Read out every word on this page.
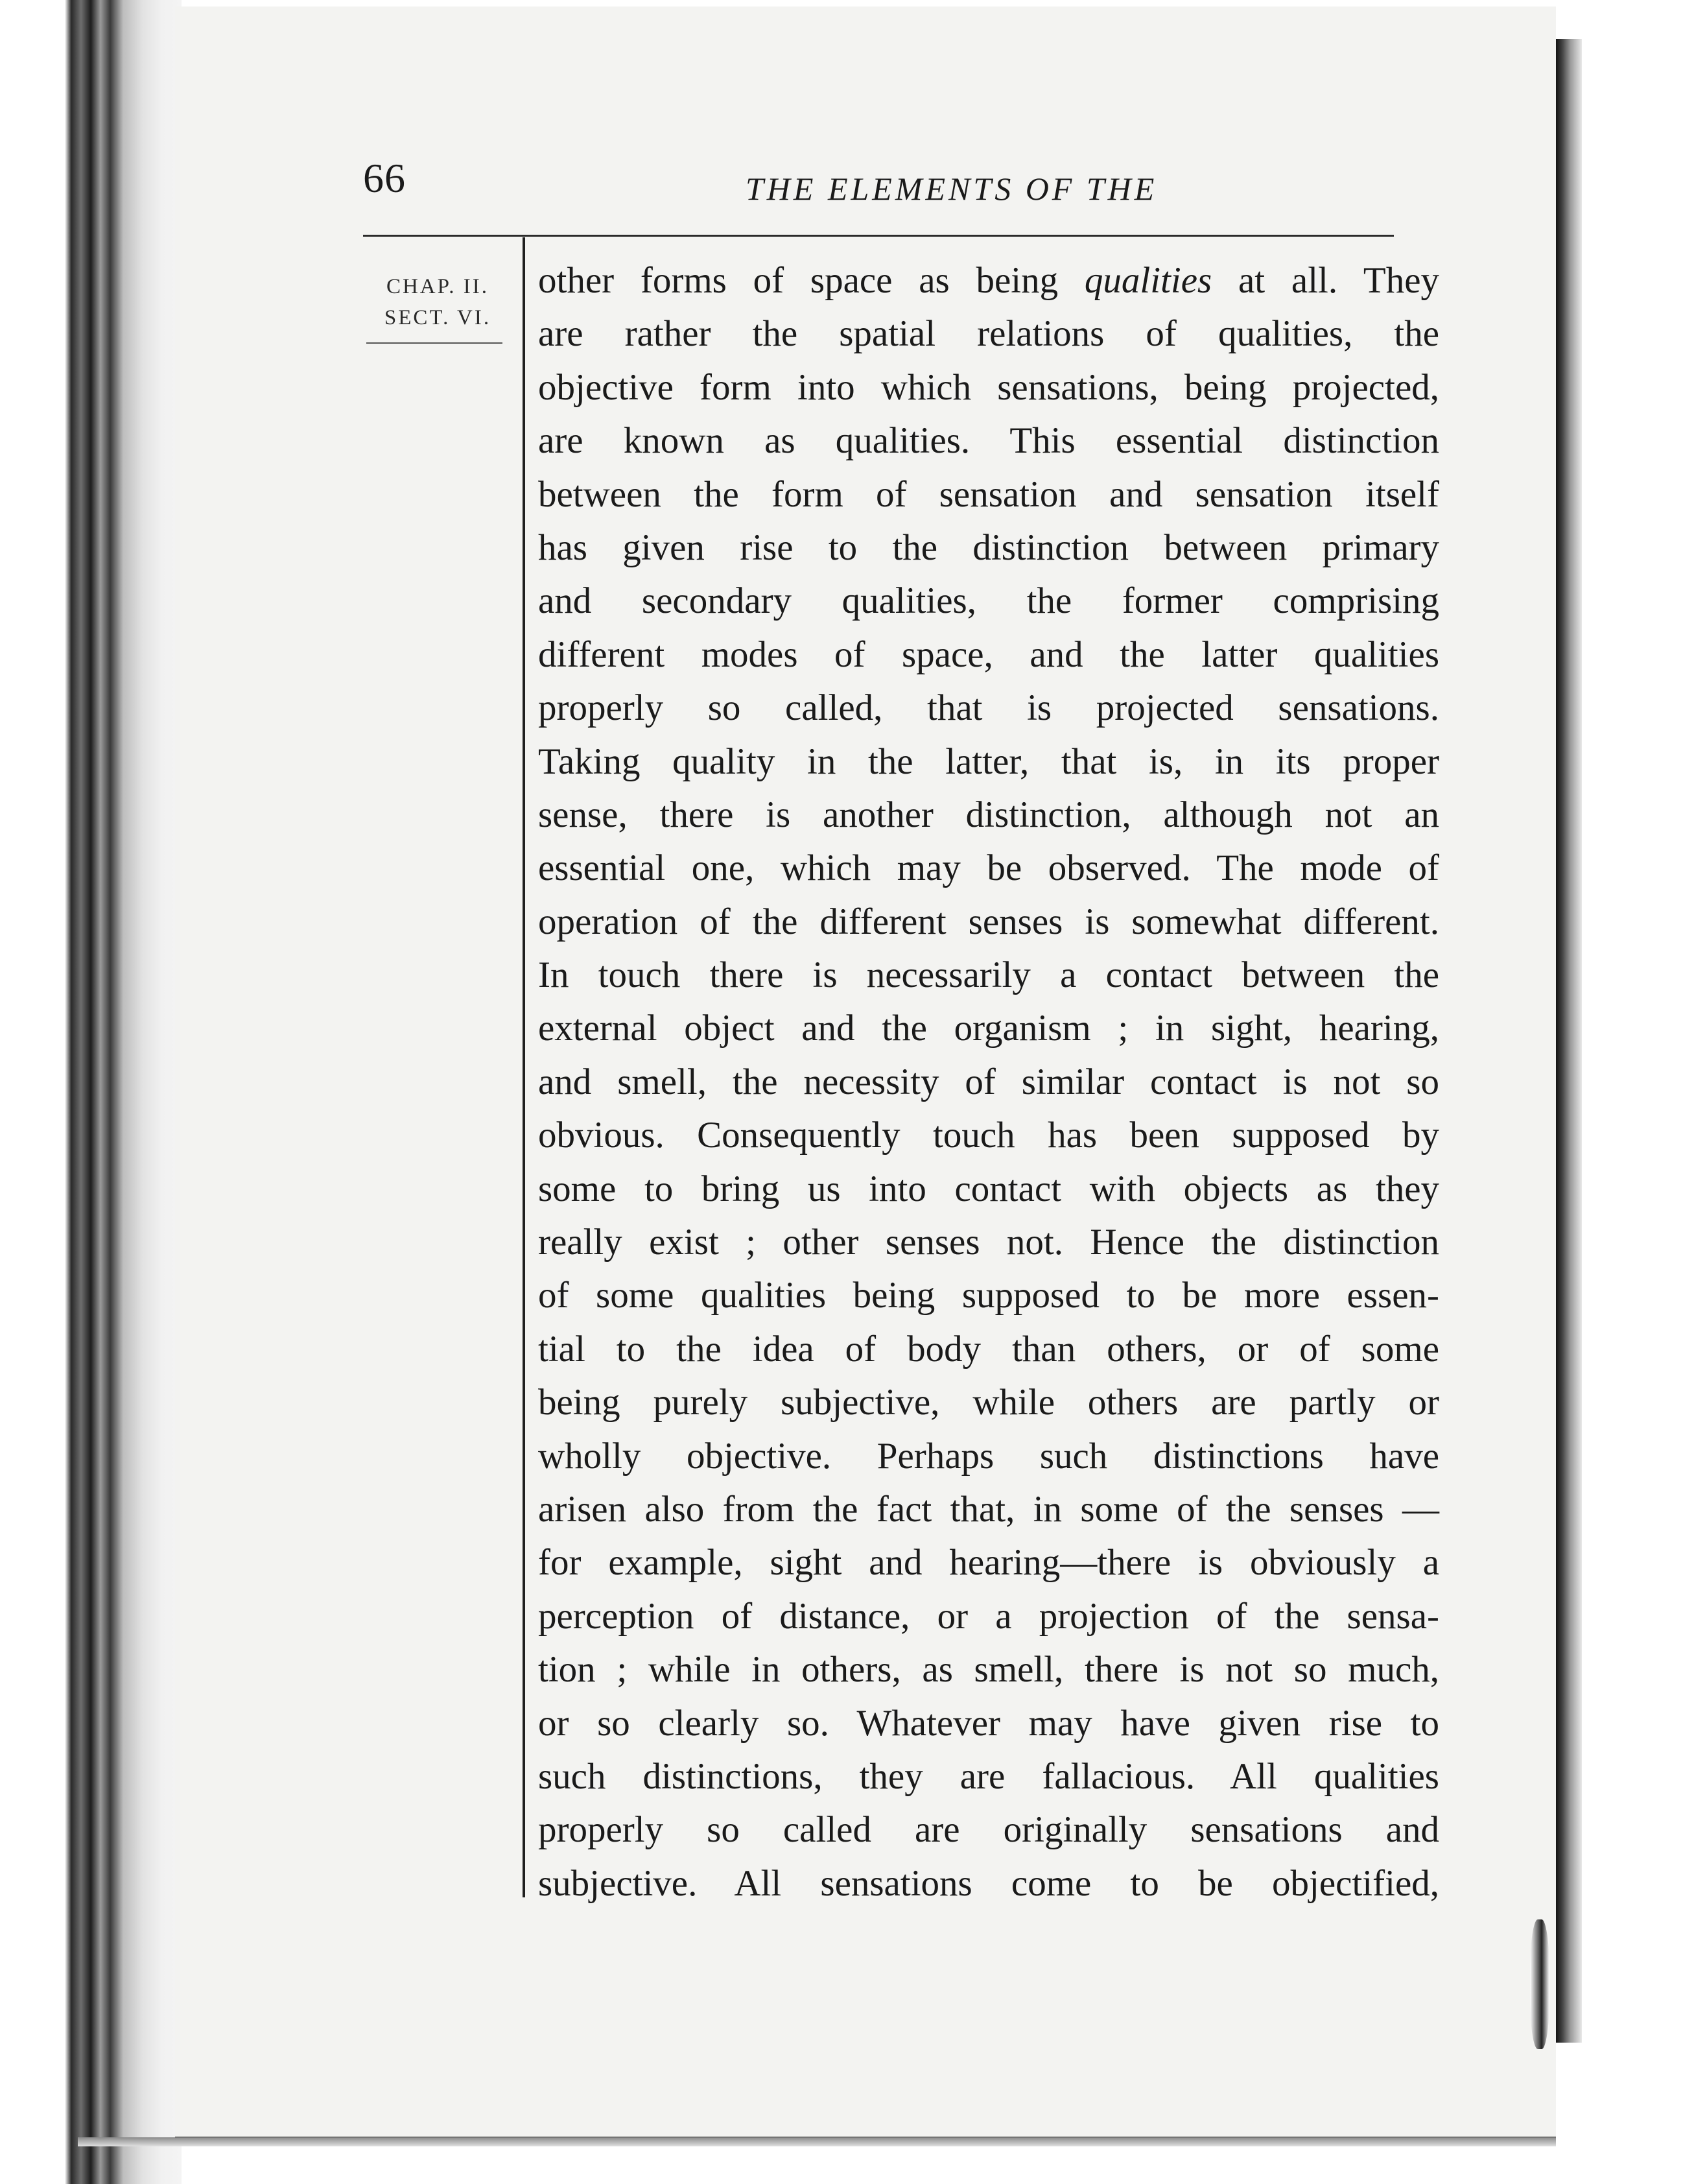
66	THE ELEMENTS OF THE
CHAP. II.
SECT. VI.
other forms of space as being qualities at all. They
are rather the spatial relations of qualities, the
objective form into which sensations, being projected,
are known as qualities. This essential distinction
between the form of sensation and sensation itself
has given rise to the distinction between primary
and secondary qualities, the former comprising
different modes of space, and the latter qualities
properly so called, that is projected sensations.
Taking quality in the latter, that is, in its proper
sense, there is another distinction, although not an
essential one, which may be observed. The mode of
operation of the different senses is somewhat different.
In touch there is necessarily a contact between the
external object and the organism ; in sight, hearing,
and smell, the necessity of similar contact is not so
obvious. Consequently touch has been supposed by
some to bring us into contact with objects as they
really exist ; other senses not. Hence the distinction
of some qualities being supposed to be more essen-
tial to the idea of body than others, or of some
being purely subjective, while others are partly or
wholly objective. Perhaps such distinctions have
arisen also from the fact that, in some of the senses —
for example, sight and hearing—there is obviously a
perception of distance, or a projection of the sensa-
tion ; while in others, as smell, there is not so much,
or so clearly so. Whatever may have given rise to
such distinctions, they are fallacious. All qualities
properly so called are originally sensations and
subjective. All sensations come to be objectified,
